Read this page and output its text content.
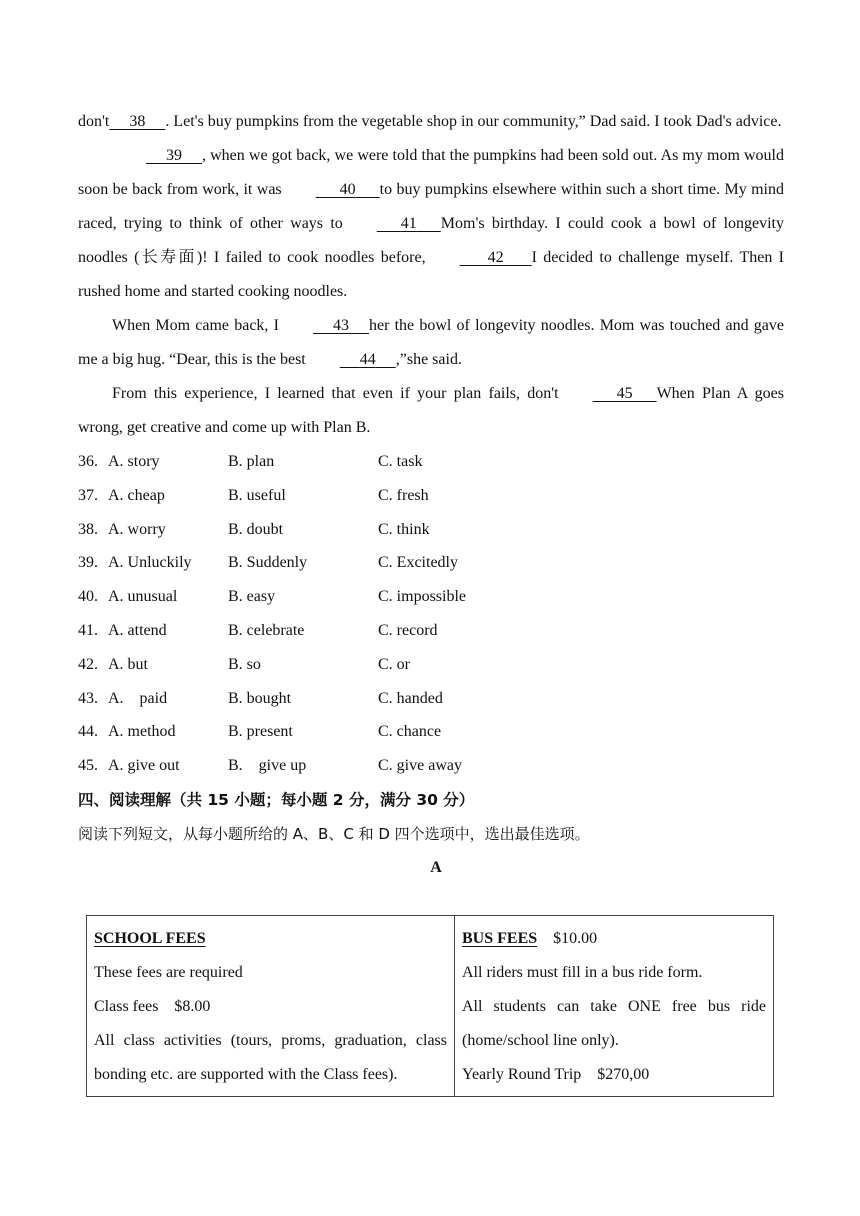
don't 38 . Let's buy pumpkins from the vegetable shop in our community,” Dad said. I took Dad's advice.

39 , when we got back, we were told that the pumpkins had been sold out. As my mom would soon be back from work, it was	40 to buy pumpkins elsewhere within such a short time. My mind raced, trying to think of other ways to	41 Mom's birthday. I could cook a bowl of longevity noodles (长寿面)! I failed to cook noodles before,	42 I decided to challenge myself. Then I rushed home and started cooking noodles.

When Mom came back, I	43 her the bowl of longevity noodles. Mom was touched and gave me a big hug. “Dear, this is the best	44 ,”she said.

From this experience, I learned that even if your plan fails, don't	45 When Plan A goes wrong, get creative and come up with Plan B.

36. A. story	B. plan	C. task
37. A. cheap	B. useful	C. fresh
38. A. worry	B. doubt	C. think
39. A. Unluckily B. Suddenly	C. Excitedly
40. A. unusual	B. easy	C. impossible
41. A. attend	B. celebrate	C. record
42. A. but	B. so	C. or
43. A.    paid	B. bought	C. handed
44. A. method	B. present	C. chance
45. A. give out	B.    give up	C. give away
四、阅读理解（共 15 小题；每小题 2 分，满分 30 分）
阅读下列短文，从每小题所给的 A、B、C 和 D 四个选项中，选出最佳选项。
A
SCHOOL FEES
These fees are required
Class fees    $8.00
All class activities (tours, proms, graduation, class
bonding etc. are supported with the Class fees).

BUS FEES $10.00
All riders must fill in a bus ride form.
All students can take ONE free bus ride
(home/school line only).
Yearly Round Trip    $270,00
